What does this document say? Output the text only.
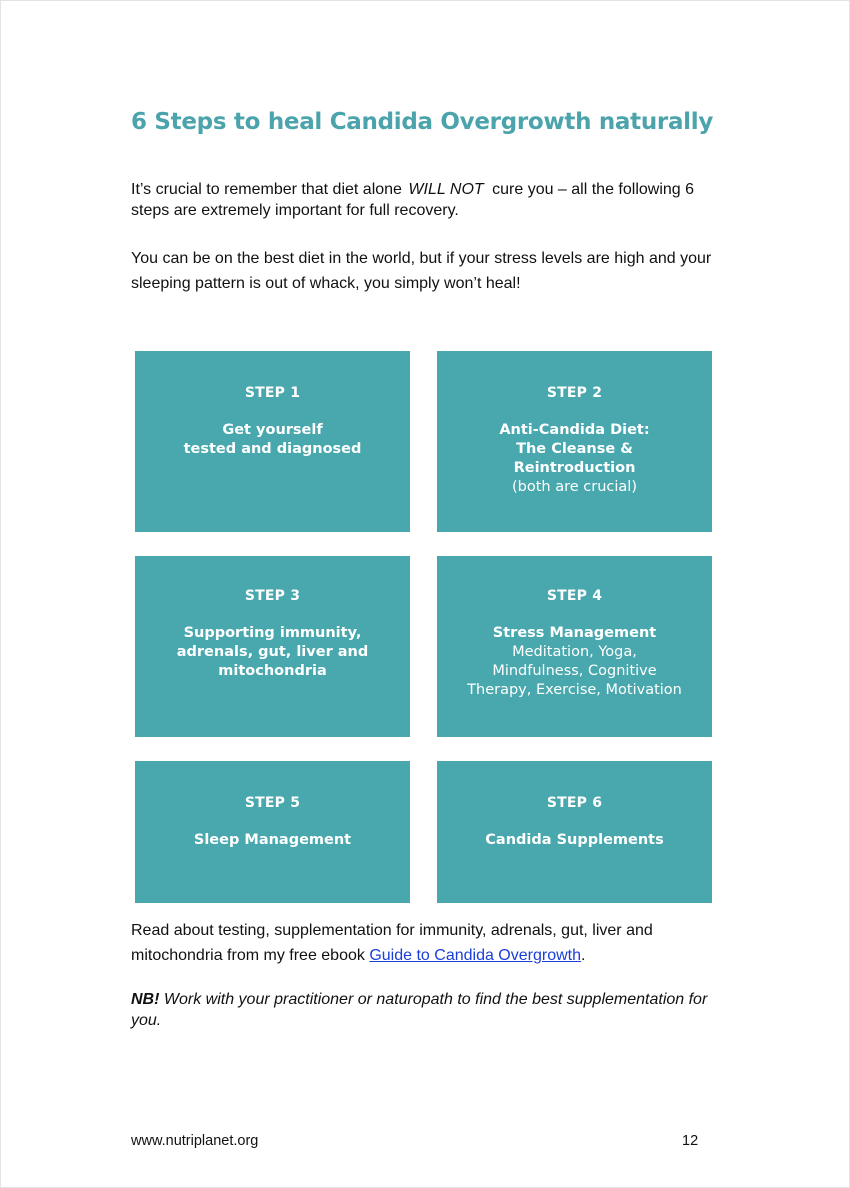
6 Steps to heal Candida Overgrowth naturally

It’s crucial to remember that diet alone WILL NOT cure you – all the following 6 steps are extremely important for full recovery.

You can be on the best diet in the world, but if your stress levels are high and your sleeping pattern is out of whack, you simply won’t heal!

STEP 1

Get yourself
tested and diagnosed

STEP 2

Anti-Candida Diet:
The Cleanse &
Reintroduction

(both are crucial)

STEP 3

Supporting immunity,
adrenals, gut, liver and
mitochondria

STEP 4

Stress Management

Meditation, Yoga,
Mindfulness, Cognitive
Therapy, Exercise, Motivation

STEP 5

Sleep Management

STEP 6

Candida Supplements

Read about testing, supplementation for immunity, adrenals, gut, liver and mitochondria from my free ebook Guide to Candida Overgrowth.

NB! Work with your practitioner or naturopath to find the best supplementation for you.

www.nutriplanet.org	12
